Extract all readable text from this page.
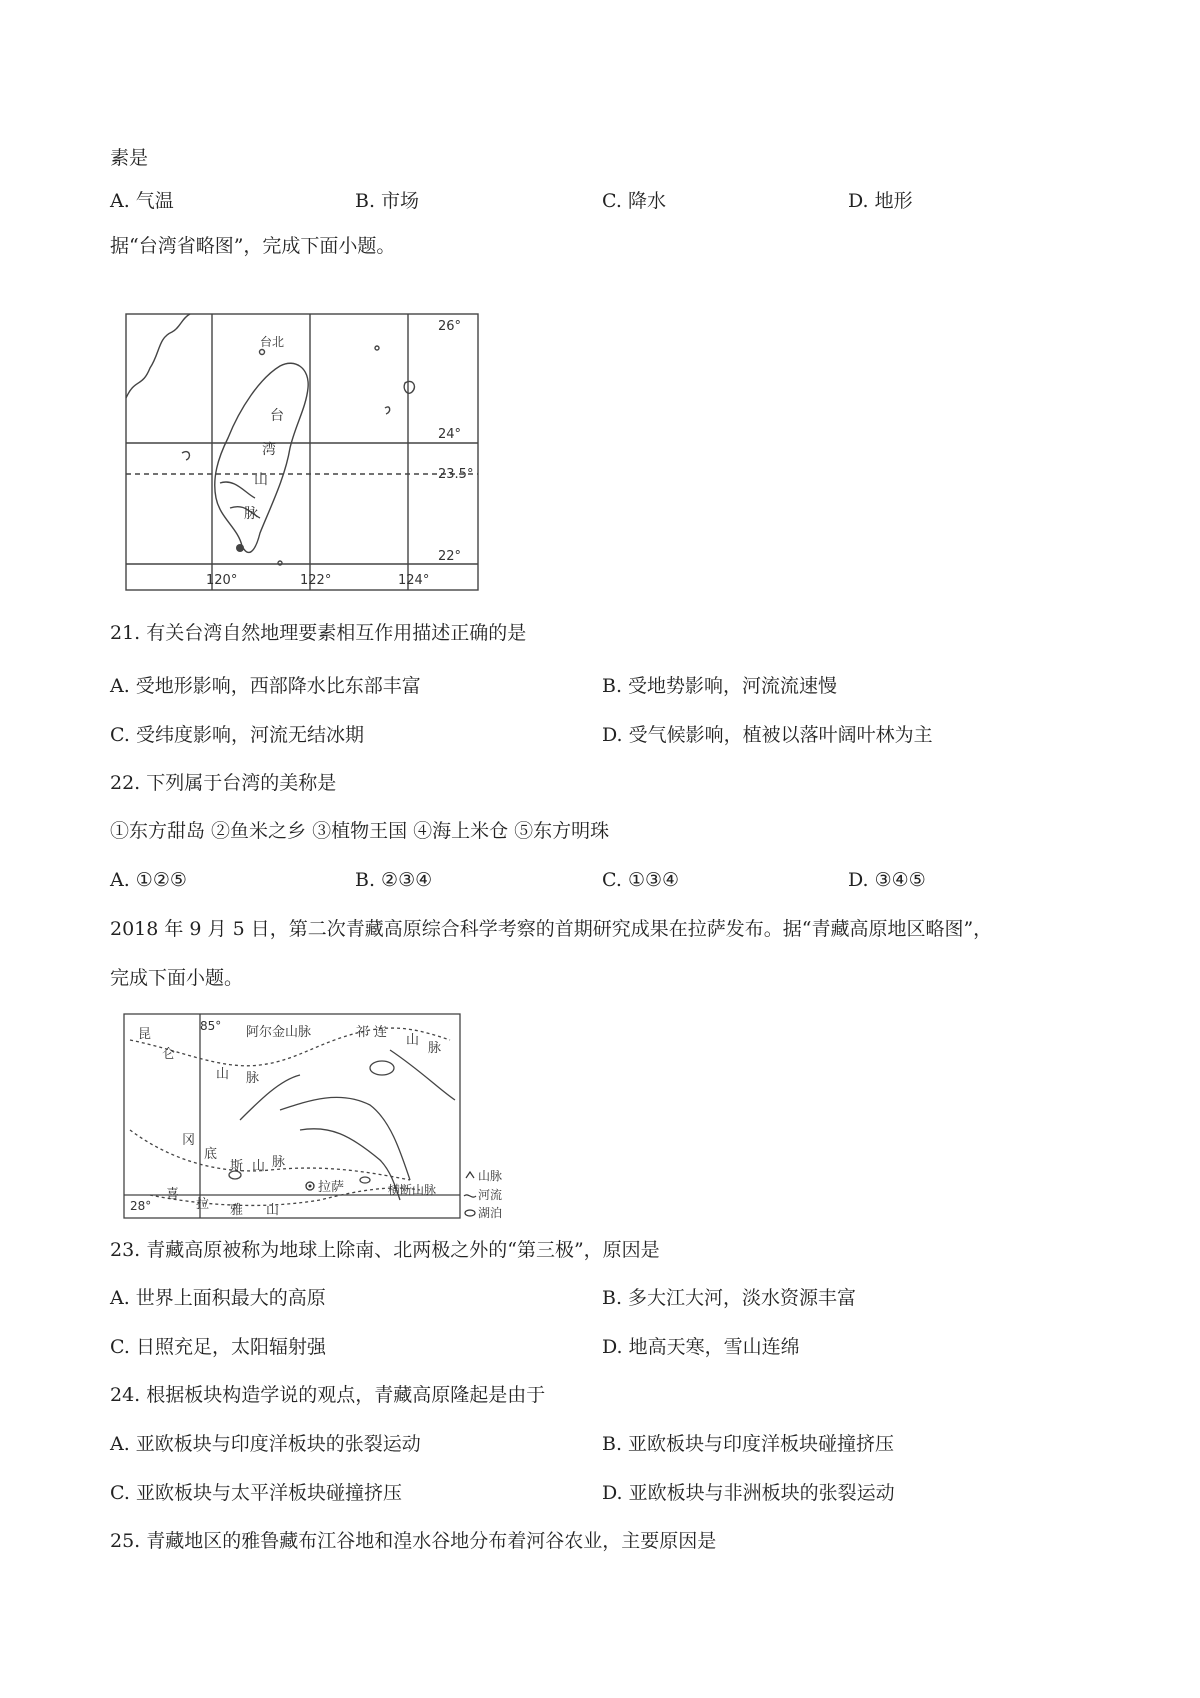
素是
A. 气温	B. 市场	C. 降水	D. 地形
据“台湾省略图”，完成下面小题。
26°
24°
23.5°
22°
120°	122°	124°
台北
台
湾
山
脉
21. 有关台湾自然地理要素相互作用描述正确的是
A. 受地形影响，西部降水比东部丰富	B. 受地势影响，河流流速慢
C. 受纬度影响，河流无结冰期	D. 受气候影响，植被以落叶阔叶林为主
22. 下列属于台湾的美称是
①东方甜岛 ②鱼米之乡 ③植物王国 ④海上米仓 ⑤东方明珠
A. ①②⑤	B. ②③④	C. ①③④	D. ③④⑤
2018 年 9 月 5 日，第二次青藏高原综合科学考察的首期研究成果在拉萨发布。据“青藏高原地区略图”，
完成下面小题。
85°
28°
昆
仑
山 脉
阿尔金山脉	祁 连
山
脉
冈
底
斯 山 脉
拉萨	横断山脉
喜
拉 雅 山
山脉
河流
湖泊
23. 青藏高原被称为地球上除南、北两极之外的“第三极”，原因是
A. 世界上面积最大的高原	B. 多大江大河，淡水资源丰富
C. 日照充足，太阳辐射强	D. 地高天寒，雪山连绵
24. 根据板块构造学说的观点，青藏高原隆起是由于
A. 亚欧板块与印度洋板块的张裂运动	B. 亚欧板块与印度洋板块碰撞挤压
C. 亚欧板块与太平洋板块碰撞挤压	D. 亚欧板块与非洲板块的张裂运动
25. 青藏地区的雅鲁藏布江谷地和湟水谷地分布着河谷农业，主要原因是
